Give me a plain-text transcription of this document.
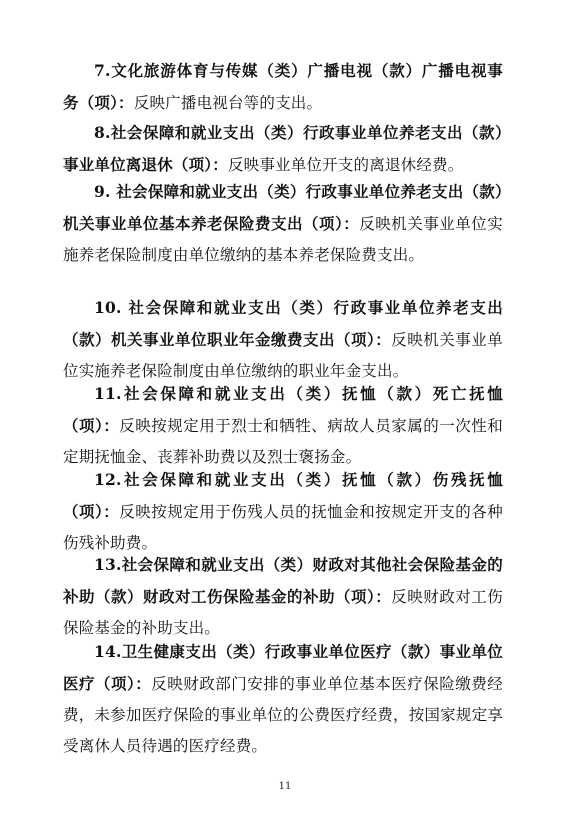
7.文化旅游体育与传媒（类）广播电视（款）广播电视事务（项）：反映广播电视台等的支出。

8.社会保障和就业支出（类）行政事业单位养老支出（款）事业单位离退休（项）：反映事业单位开支的离退休经费。

9. 社会保障和就业支出（类）行政事业单位养老支出（款）机关事业单位基本养老保险费支出（项）：反映机关事业单位实施养老保险制度由单位缴纳的基本养老保险费支出。

10. 社会保障和就业支出（类）行政事业单位养老支出（款）机关事业单位职业年金缴费支出（项）：反映机关事业单位实施养老保险制度由单位缴纳的职业年金支出。

11.社会保障和就业支出（类）抚恤（款）死亡抚恤（项）：反映按规定用于烈士和牺牲、病故人员家属的一次性和定期抚恤金、丧葬补助费以及烈士褒扬金。

12.社会保障和就业支出（类）抚恤（款）伤残抚恤（项）：反映按规定用于伤残人员的抚恤金和按规定开支的各种伤残补助费。

13.社会保障和就业支出（类）财政对其他社会保险基金的补助（款）财政对工伤保险基金的补助（项）：反映财政对工伤保险基金的补助支出。

14.卫生健康支出（类）行政事业单位医疗（款）事业单位医疗（项）：反映财政部门安排的事业单位基本医疗保险缴费经费，未参加医疗保险的事业单位的公费医疗经费，按国家规定享受离休人员待遇的医疗经费。

11
